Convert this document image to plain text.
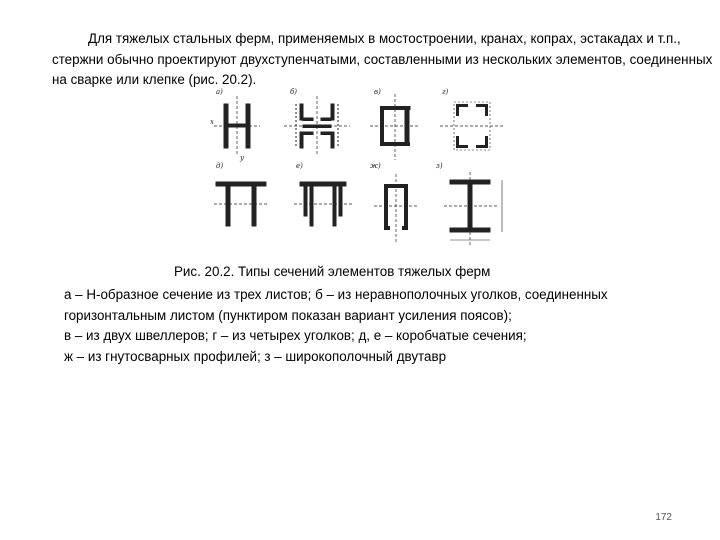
Для тяжелых стальных ферм, применяемых в мостостроении, кранах, копрах, эстакадах и т.п., стержни обычно проектируют двухступенчатыми, составленными из нескольких элементов, соединенных на сварке или клепке (рис. 20.2).

а)	б)	в)	г)
д)	е)	ж)	з)
x
y

Рис. 20.2. Типы сечений элементов тяжелых ферм

а – Н-образное сечение из трех листов; б – из неравнополочных уголков, соединенных
горизонтальным листом (пунктиром показан вариант усиления поясов);
в – из двух швеллеров; г – из четырех уголков; д, е – коробчатые сечения;
ж – из гнутосварных профилей; з – широкополочный двутавр

172
